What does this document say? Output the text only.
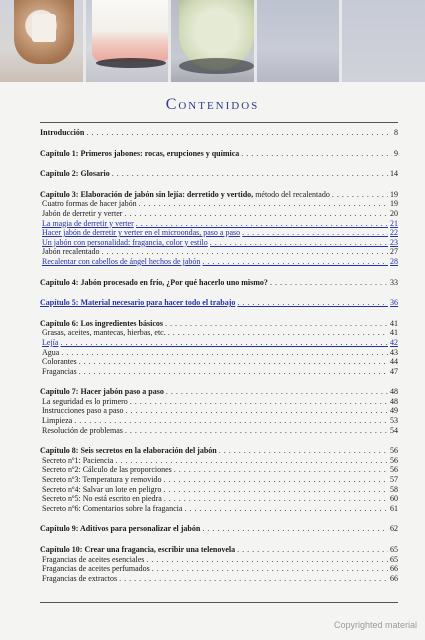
Contenidos
Introducción . . .	8
Capítulo 1: Primeros jabones: rocas, erupciones y química . . .	9
Capítulo 2: Glosario . . .	14
Capítulo 3: Elaboración de jabón sin lejía: derretido y vertido, método del recalentado . . .	19
Cuatro formas de hacer jabón . . .	19
Jabón de derretir y verter . . .	20
La magia de derretir y verter . . .	21
Hacer jabón de derretir y verter en el microondas, paso a paso . . .	22
Un jabón con personalidad: fragancia, color y estilo . . .	23
Jabón recalentado . . .	27
Recalentar con cabellos de ángel hechos de jabón . . .	28
Capítulo 4: Jabón procesado en frío, ¿Por qué hacerlo uno mismo? . . .	33
Capítulo 5: Material necesario para hacer todo el trabajo . . .	36
Capítulo 6: Los ingredientes básicos . . .	41
Grasas, aceites, mantecas, hierbas, etc. . . .	41
Lejía . . .	42
Agua . . .	43
Colorantes . . .	44
Fragancias . . .	47
Capítulo 7: Hacer jabón paso a paso . . .	48
La seguridad es lo primero . . .	48
Instrucciones paso a paso . . .	49
Limpieza . . .	53
Resolución de problemas . . .	54
Capítulo 8: Seis secretos en la elaboración del jabón . . .	56
Secreto nº1: Paciencia . . .	56
Secreto nº2: Cálculo de las proporciones . . .	56
Secreto nº3: Temperatura y removido . . .	57
Secreto nº4: Salvar un lote en peligro . . .	58
Secreto nº5: No está escrito en piedra . . .	60
Secreto nº6: Comentarios sobre la fragancia . . .	61
Capítulo 9: Aditivos para personalizar el jabón . . .	62
Capítulo 10: Crear una fragancia, escribir una telenovela . . .	65
Fragancias de aceites esenciales . . .	65
Fragancias de aceites perfumados . . .	66
Fragancias de extractos . . .	66
Copyrighted material
